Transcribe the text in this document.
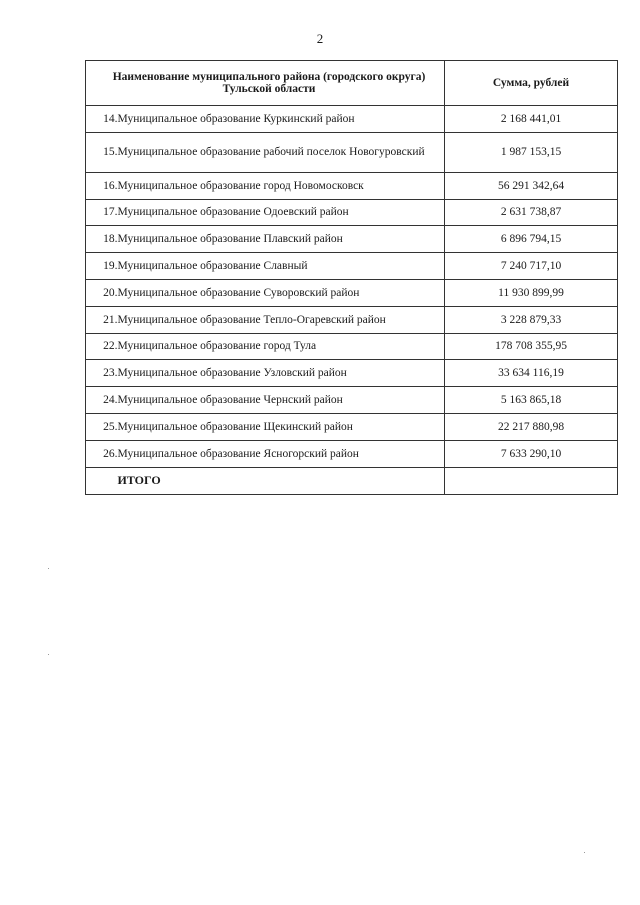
2
Наименование муниципального района (городского округа) Тульской области		Сумма, рублей
14.	Муниципальное образование Куркинский район	2 168 441,01
15.	Муниципальное образование рабочий поселок Новогуровский	1 987 153,15
16.	Муниципальное образование город Новомосковск	56 291 342,64
17.	Муниципальное образование Одоевский район	2 631 738,87
18.	Муниципальное образование Плавский район	6 896 794,15
19.	Муниципальное образование Славный	7 240 717,10
20.	Муниципальное образование Суворовский район	11 930 899,99
21.	Муниципальное образование Тепло-Огаревский район	3 228 879,33
22.	Муниципальное образование город Тула	178 708 355,95
23.	Муниципальное образование Узловский район	33 634 116,19
24.	Муниципальное образование Чернский район	5 163 865,18
25.	Муниципальное образование Щекинский район	22 217 880,98
26.	Муниципальное образование Ясногорский район	7 633 290,10
	ИТОГО	
